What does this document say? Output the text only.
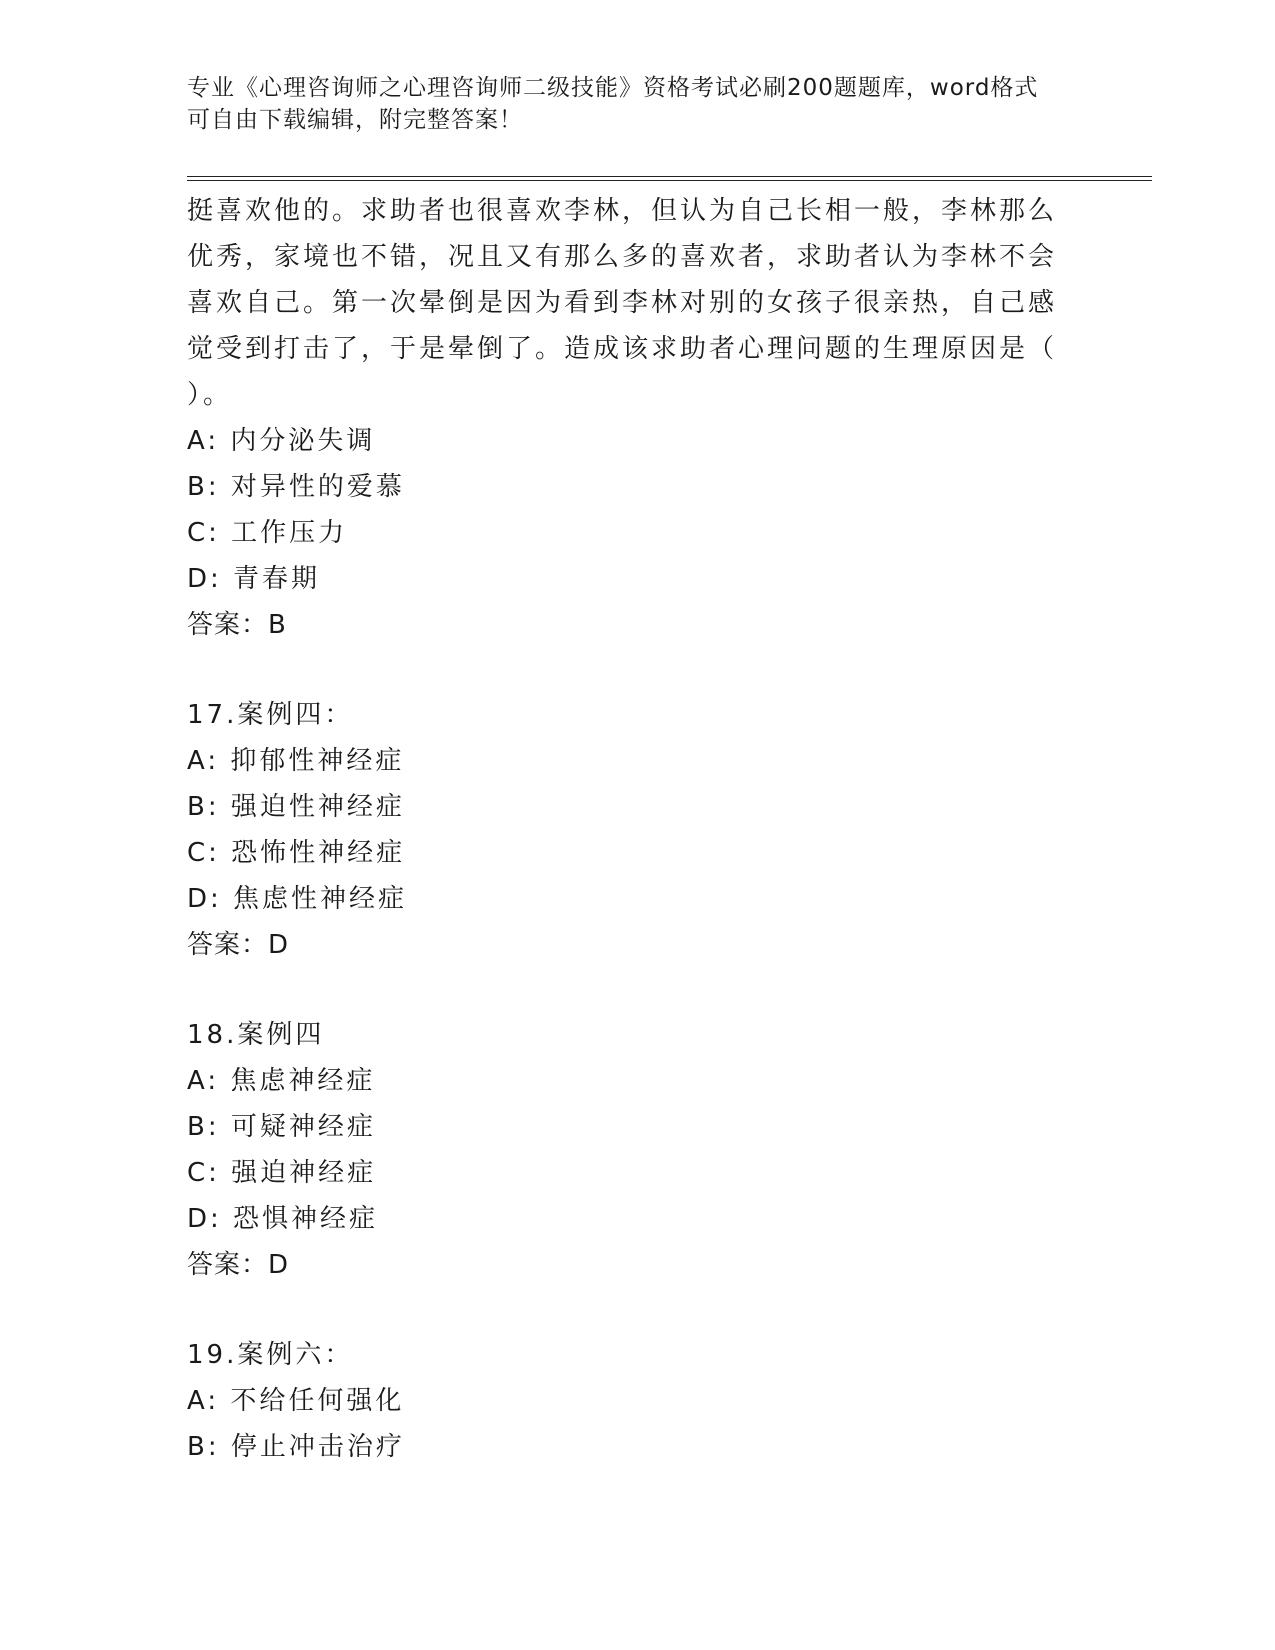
专业《心理咨询师之心理咨询师二级技能》资格考试必刷200题题库，word格式
可自由下载编辑，附完整答案！
挺喜欢他的。求助者也很喜欢李林，但认为自己长相一般，李林那么
优秀，家境也不错，况且又有那么多的喜欢者，求助者认为李林不会
喜欢自己。第一次晕倒是因为看到李林对别的女孩子很亲热，自己感
觉受到打击了，于是晕倒了。造成该求助者心理问题的生理原因是（
）。
A: 内分泌失调
B: 对异性的爱慕
C: 工作压力
D: 青春期
答案：B
17.案例四：
A: 抑郁性神经症
B: 强迫性神经症
C: 恐怖性神经症
D: 焦虑性神经症
答案：D
18.案例四
A: 焦虑神经症
B: 可疑神经症
C: 强迫神经症
D: 恐惧神经症
答案：D
19.案例六：
A: 不给任何强化
B: 停止冲击治疗
